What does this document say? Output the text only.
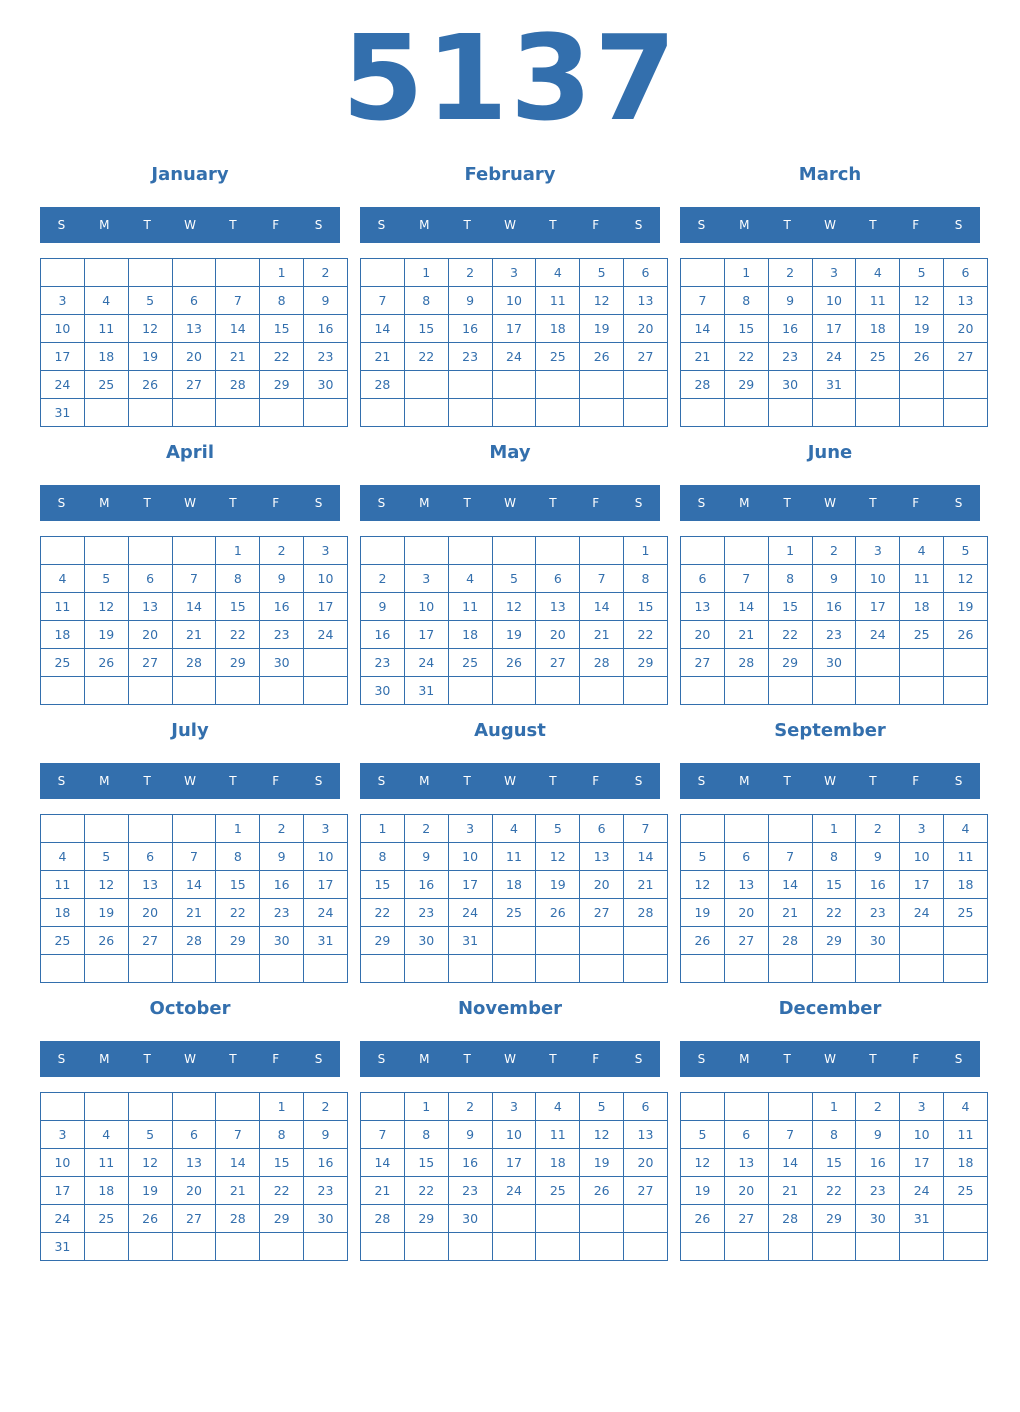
5137
January
S	M	T	W	T	F	S
					1	2
3	4	5	6	7	8	9
10	11	12	13	14	15	16
17	18	19	20	21	22	23
24	25	26	27	28	29	30
31						
February
S	M	T	W	T	F	S
	1	2	3	4	5	6
7	8	9	10	11	12	13
14	15	16	17	18	19	20
21	22	23	24	25	26	27
28						

March
S	M	T	W	T	F	S
	1	2	3	4	5	6
7	8	9	10	11	12	13
14	15	16	17	18	19	20
21	22	23	24	25	26	27
28	29	30	31			

April
S	M	T	W	T	F	S
				1	2	3
4	5	6	7	8	9	10
11	12	13	14	15	16	17
18	19	20	21	22	23	24
25	26	27	28	29	30	

May
S	M	T	W	T	F	S
						1
2	3	4	5	6	7	8
9	10	11	12	13	14	15
16	17	18	19	20	21	22
23	24	25	26	27	28	29
30	31					
June
S	M	T	W	T	F	S
		1	2	3	4	5
6	7	8	9	10	11	12
13	14	15	16	17	18	19
20	21	22	23	24	25	26
27	28	29	30			

July
S	M	T	W	T	F	S
				1	2	3
4	5	6	7	8	9	10
11	12	13	14	15	16	17
18	19	20	21	22	23	24
25	26	27	28	29	30	31

August
S	M	T	W	T	F	S
1	2	3	4	5	6	7
8	9	10	11	12	13	14
15	16	17	18	19	20	21
22	23	24	25	26	27	28
29	30	31				

September
S	M	T	W	T	F	S
			1	2	3	4
5	6	7	8	9	10	11
12	13	14	15	16	17	18
19	20	21	22	23	24	25
26	27	28	29	30		

October
S	M	T	W	T	F	S
					1	2
3	4	5	6	7	8	9
10	11	12	13	14	15	16
17	18	19	20	21	22	23
24	25	26	27	28	29	30
31						
November
S	M	T	W	T	F	S
	1	2	3	4	5	6
7	8	9	10	11	12	13
14	15	16	17	18	19	20
21	22	23	24	25	26	27
28	29	30				

December
S	M	T	W	T	F	S
			1	2	3	4
5	6	7	8	9	10	11
12	13	14	15	16	17	18
19	20	21	22	23	24	25
26	27	28	29	30	31	
